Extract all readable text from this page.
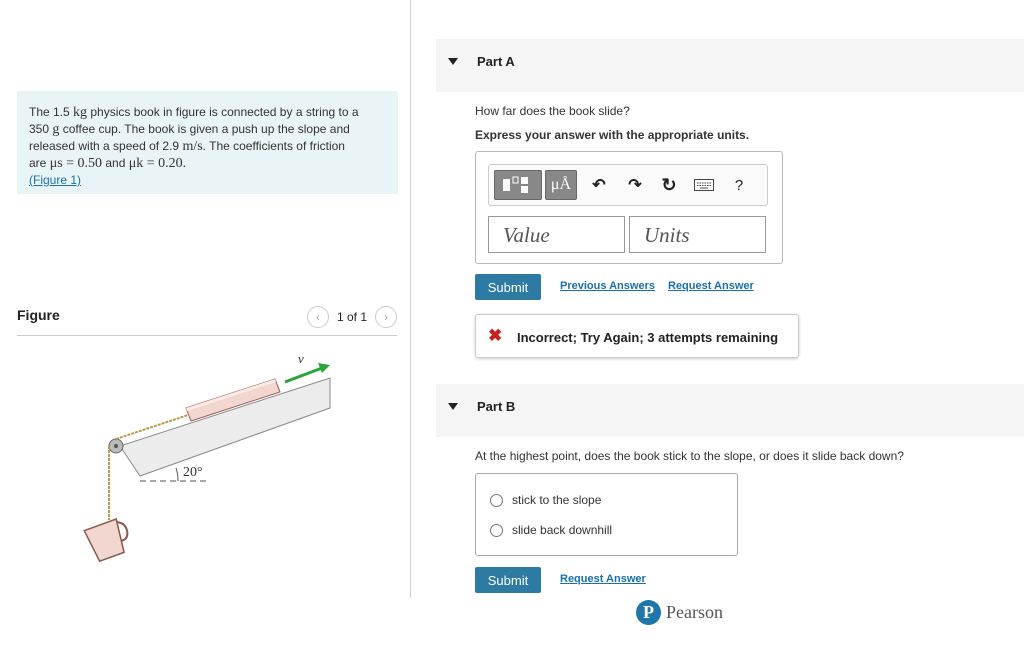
The 1.5 kg physics book in figure is connected by a string to a
350 g coffee cup. The book is given a push up the slope and
released with a speed of 2.9 m/s. The coefficients of friction
are μs = 0.50 and μk = 0.20.
(Figure 1)
Figure	‹ 1 of 1 ›
20°
v⃗
Part A
How far does the book slide?
Express your answer with the appropriate units.
μÅ ↶ ↷ ↻	?
Value	Units
Submit	Previous Answers Request Answer
✖ Incorrect; Try Again; 3 attempts remaining
Part B
At the highest point, does the book stick to the slope, or does it slide back down?
stick to the slope
slide back downhill
Submit	Request Answer
P Pearson
